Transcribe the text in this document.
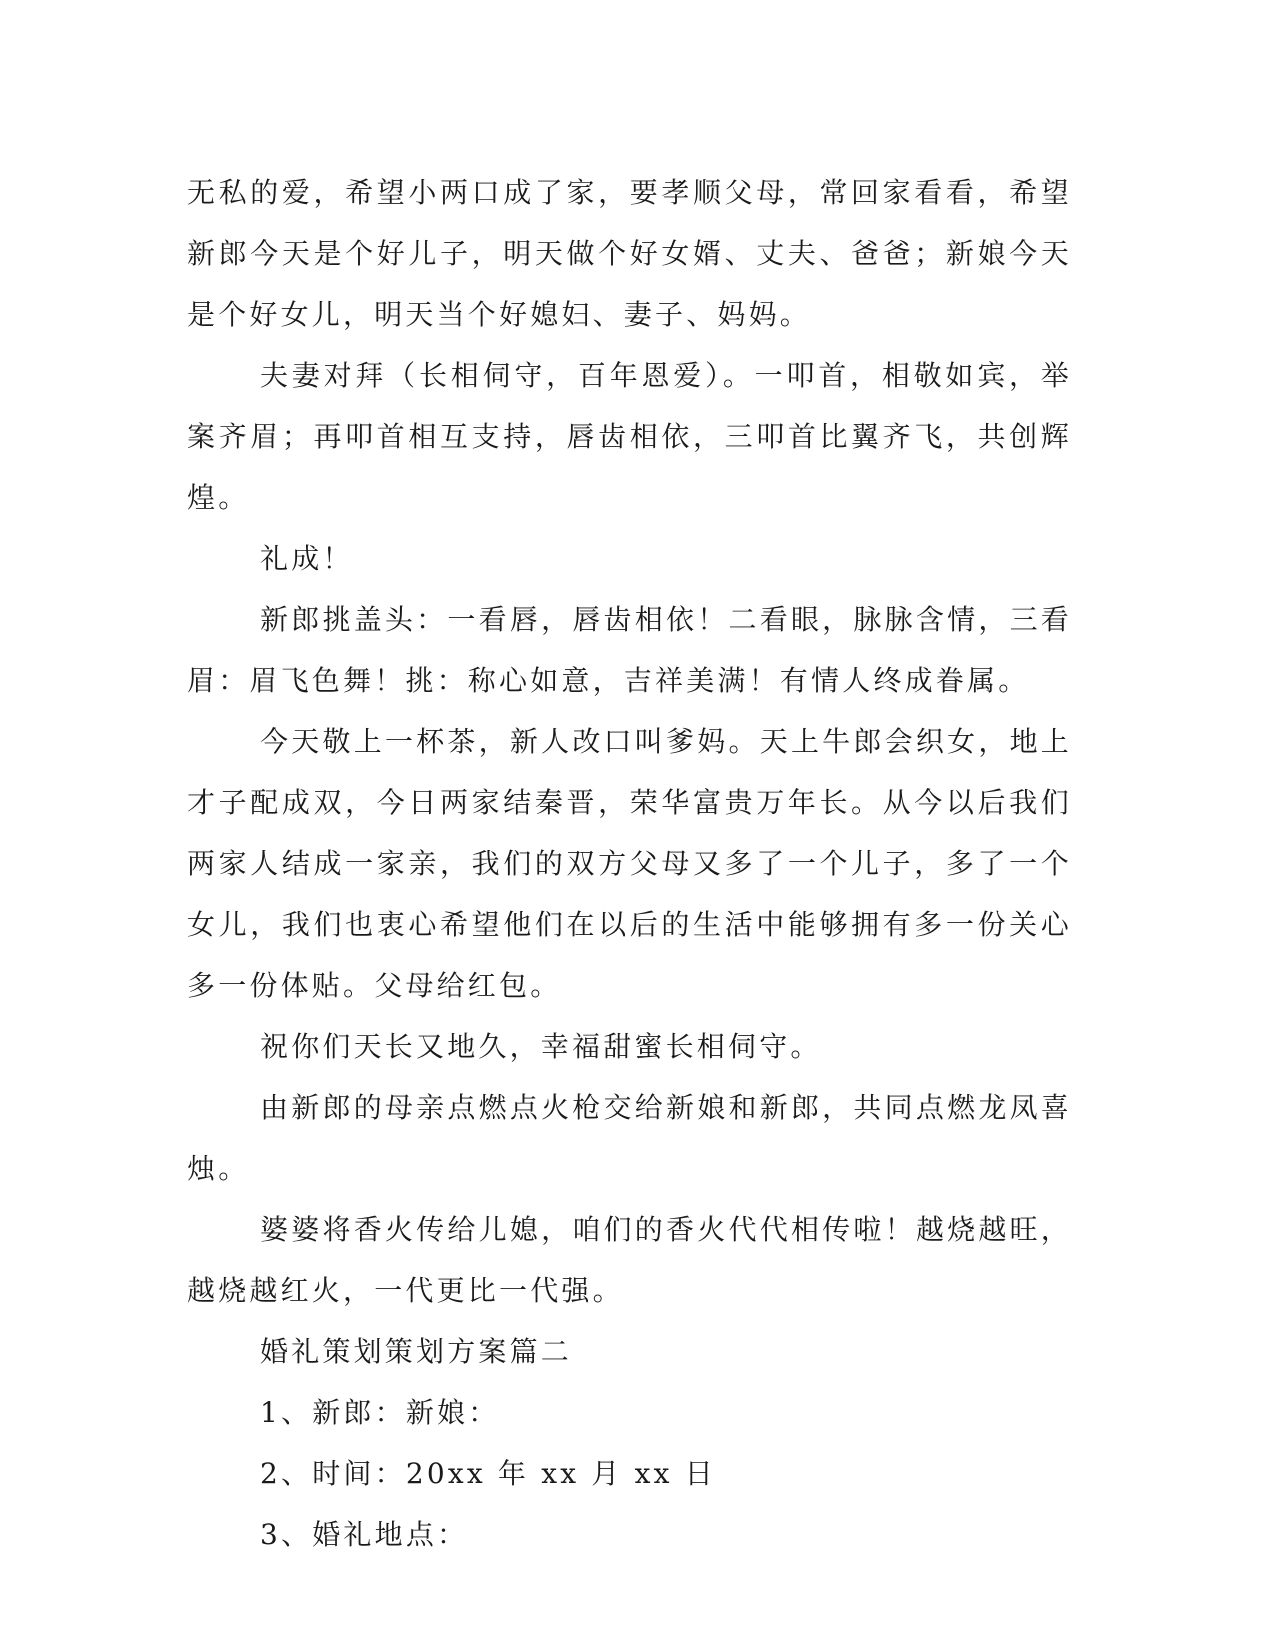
无私的爱，希望小两口成了家，要孝顺父母，常回家看看，希望新郎今天是个好儿子，明天做个好女婿、丈夫、爸爸；新娘今天是个好女儿，明天当个好媳妇、妻子、妈妈。

夫妻对拜（长相伺守，百年恩爱）。一叩首，相敬如宾，举案齐眉；再叩首相互支持，唇齿相依，三叩首比翼齐飞，共创辉煌。

礼成！

新郎挑盖头：一看唇，唇齿相依！二看眼，脉脉含情，三看眉：眉飞色舞！挑：称心如意，吉祥美满！有情人终成眷属。

今天敬上一杯茶，新人改口叫爹妈。天上牛郎会织女，地上才子配成双，今日两家结秦晋，荣华富贵万年长。从今以后我们两家人结成一家亲，我们的双方父母又多了一个儿子，多了一个女儿，我们也衷心希望他们在以后的生活中能够拥有多一份关心多一份体贴。父母给红包。

祝你们天长又地久，幸福甜蜜长相伺守。

由新郎的母亲点燃点火枪交给新娘和新郎，共同点燃龙凤喜烛。

婆婆将香火传给儿媳，咱们的香火代代相传啦！越烧越旺，越烧越红火，一代更比一代强。

婚礼策划策划方案篇二

1、新郎：新娘：

2、时间：20xx 年 xx 月 xx 日

3、婚礼地点：
